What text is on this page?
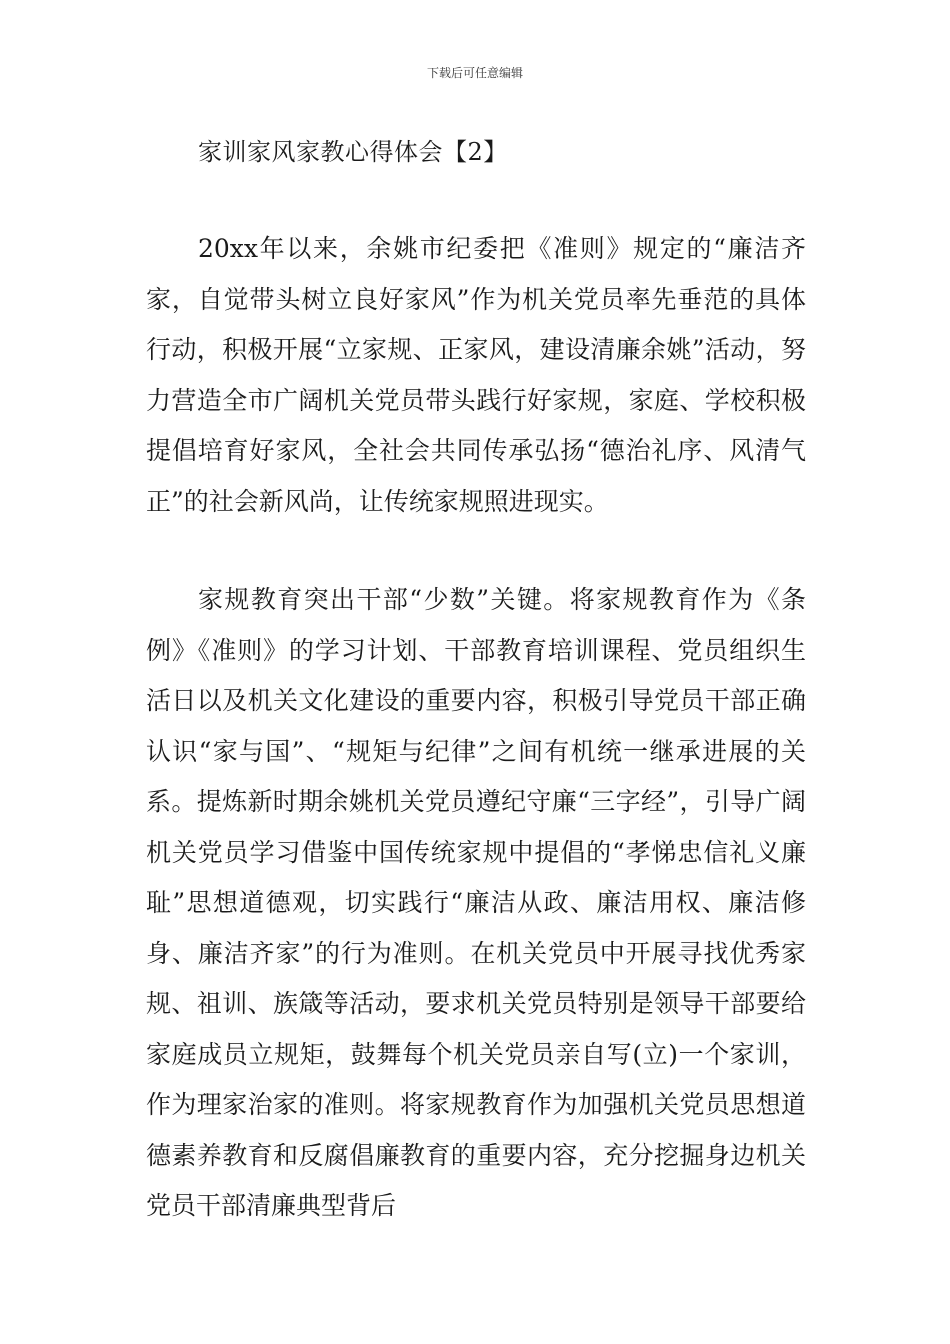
下载后可任意编辑
家训家风家教心得体会【2】

20xx年以来，余姚市纪委把《准则》规定的“廉洁齐家，自觉带头树立良好家风”作为机关党员率先垂范的具体行动，积极开展“立家规、正家风，建设清廉余姚”活动，努力营造全市广阔机关党员带头践行好家规，家庭、学校积极提倡培育好家风，全社会共同传承弘扬“德治礼序、风清气正”的社会新风尚，让传统家规照进现实。

家规教育突出干部“少数”关键。将家规教育作为《条例》《准则》的学习计划、干部教育培训课程、党员组织生活日以及机关文化建设的重要内容，积极引导党员干部正确认识“家与国”、“规矩与纪律”之间有机统一继承进展的关系。提炼新时期余姚机关党员遵纪守廉“三字经”，引导广阔机关党员学习借鉴中国传统家规中提倡的“孝悌忠信礼义廉耻”思想道德观，切实践行“廉洁从政、廉洁用权、廉洁修身、廉洁齐家”的行为准则。在机关党员中开展寻找优秀家规、祖训、族箴等活动，要求机关党员特别是领导干部要给家庭成员立规矩，鼓舞每个机关党员亲自写(立)一个家训，作为理家治家的准则。将家规教育作为加强机关党员思想道德素养教育和反腐倡廉教育的重要内容，充分挖掘身边机关党员干部清廉典型背后
